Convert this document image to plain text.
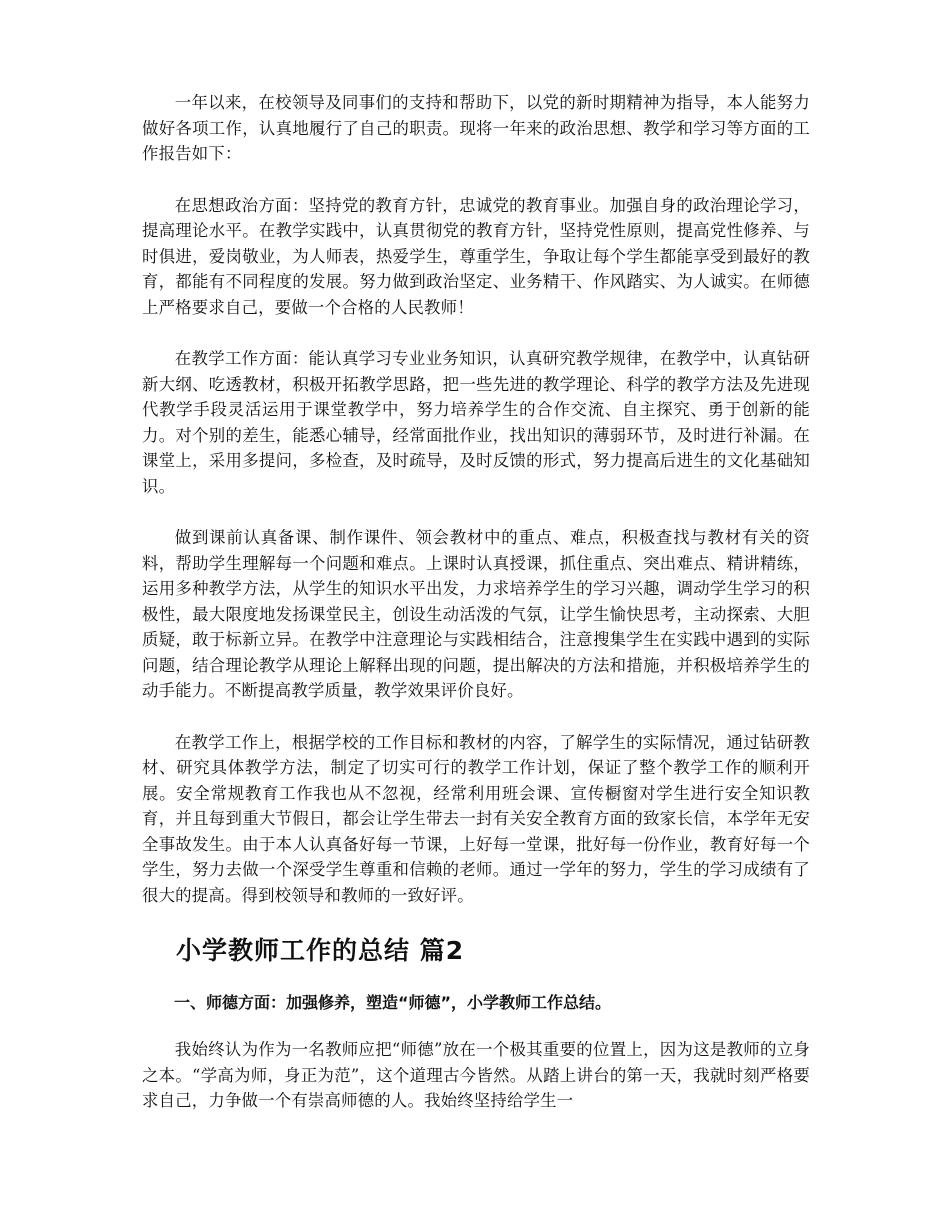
一年以来，在校领导及同事们的支持和帮助下，以党的新时期精神为指导，本人能努力做好各项工作，认真地履行了自己的职责。现将一年来的政治思想、教学和学习等方面的工作报告如下：

在思想政治方面：坚持党的教育方针，忠诚党的教育事业。加强自身的政治理论学习，提高理论水平。在教学实践中，认真贯彻党的教育方针，坚持党性原则，提高党性修养、与时俱进，爱岗敬业，为人师表，热爱学生，尊重学生，争取让每个学生都能享受到最好的教育，都能有不同程度的发展。努力做到政治坚定、业务精干、作风踏实、为人诚实。在师德上严格要求自己，要做一个合格的人民教师！

在教学工作方面：能认真学习专业业务知识，认真研究教学规律，在教学中，认真钻研新大纲、吃透教材，积极开拓教学思路，把一些先进的教学理论、科学的教学方法及先进现代教学手段灵活运用于课堂教学中，努力培养学生的合作交流、自主探究、勇于创新的能力。对个别的差生，能悉心辅导，经常面批作业，找出知识的薄弱环节，及时进行补漏。在课堂上，采用多提问，多检查，及时疏导，及时反馈的形式，努力提高后进生的文化基础知识。

做到课前认真备课、制作课件、领会教材中的重点、难点，积极查找与教材有关的资料，帮助学生理解每一个问题和难点。上课时认真授课，抓住重点、突出难点、精讲精练，运用多种教学方法，从学生的知识水平出发，力求培养学生的学习兴趣，调动学生学习的积极性，最大限度地发扬课堂民主，创设生动活泼的气氛，让学生愉快思考，主动探索、大胆质疑，敢于标新立异。在教学中注意理论与实践相结合，注意搜集学生在实践中遇到的实际问题，结合理论教学从理论上解释出现的问题，提出解决的方法和措施，并积极培养学生的动手能力。不断提高教学质量，教学效果评价良好。

在教学工作上，根据学校的工作目标和教材的内容，了解学生的实际情况，通过钻研教材、研究具体教学方法，制定了切实可行的教学工作计划，保证了整个教学工作的顺利开展。安全常规教育工作我也从不忽视，经常利用班会课、宣传橱窗对学生进行安全知识教育，并且每到重大节假日，都会让学生带去一封有关安全教育方面的致家长信，本学年无安全事故发生。由于本人认真备好每一节课，上好每一堂课，批好每一份作业，教育好每一个学生，努力去做一个深受学生尊重和信赖的老师。通过一学年的努力，学生的学习成绩有了很大的提高。得到校领导和教师的一致好评。

小学教师工作的总结 篇2

一、师德方面：加强修养，塑造“师德”，小学教师工作总结。

我始终认为作为一名教师应把“师德”放在一个极其重要的位置上，因为这是教师的立身之本。“学高为师，身正为范”，这个道理古今皆然。从踏上讲台的第一天，我就时刻严格要求自己，力争做一个有崇高师德的人。我始终坚持给学生一
